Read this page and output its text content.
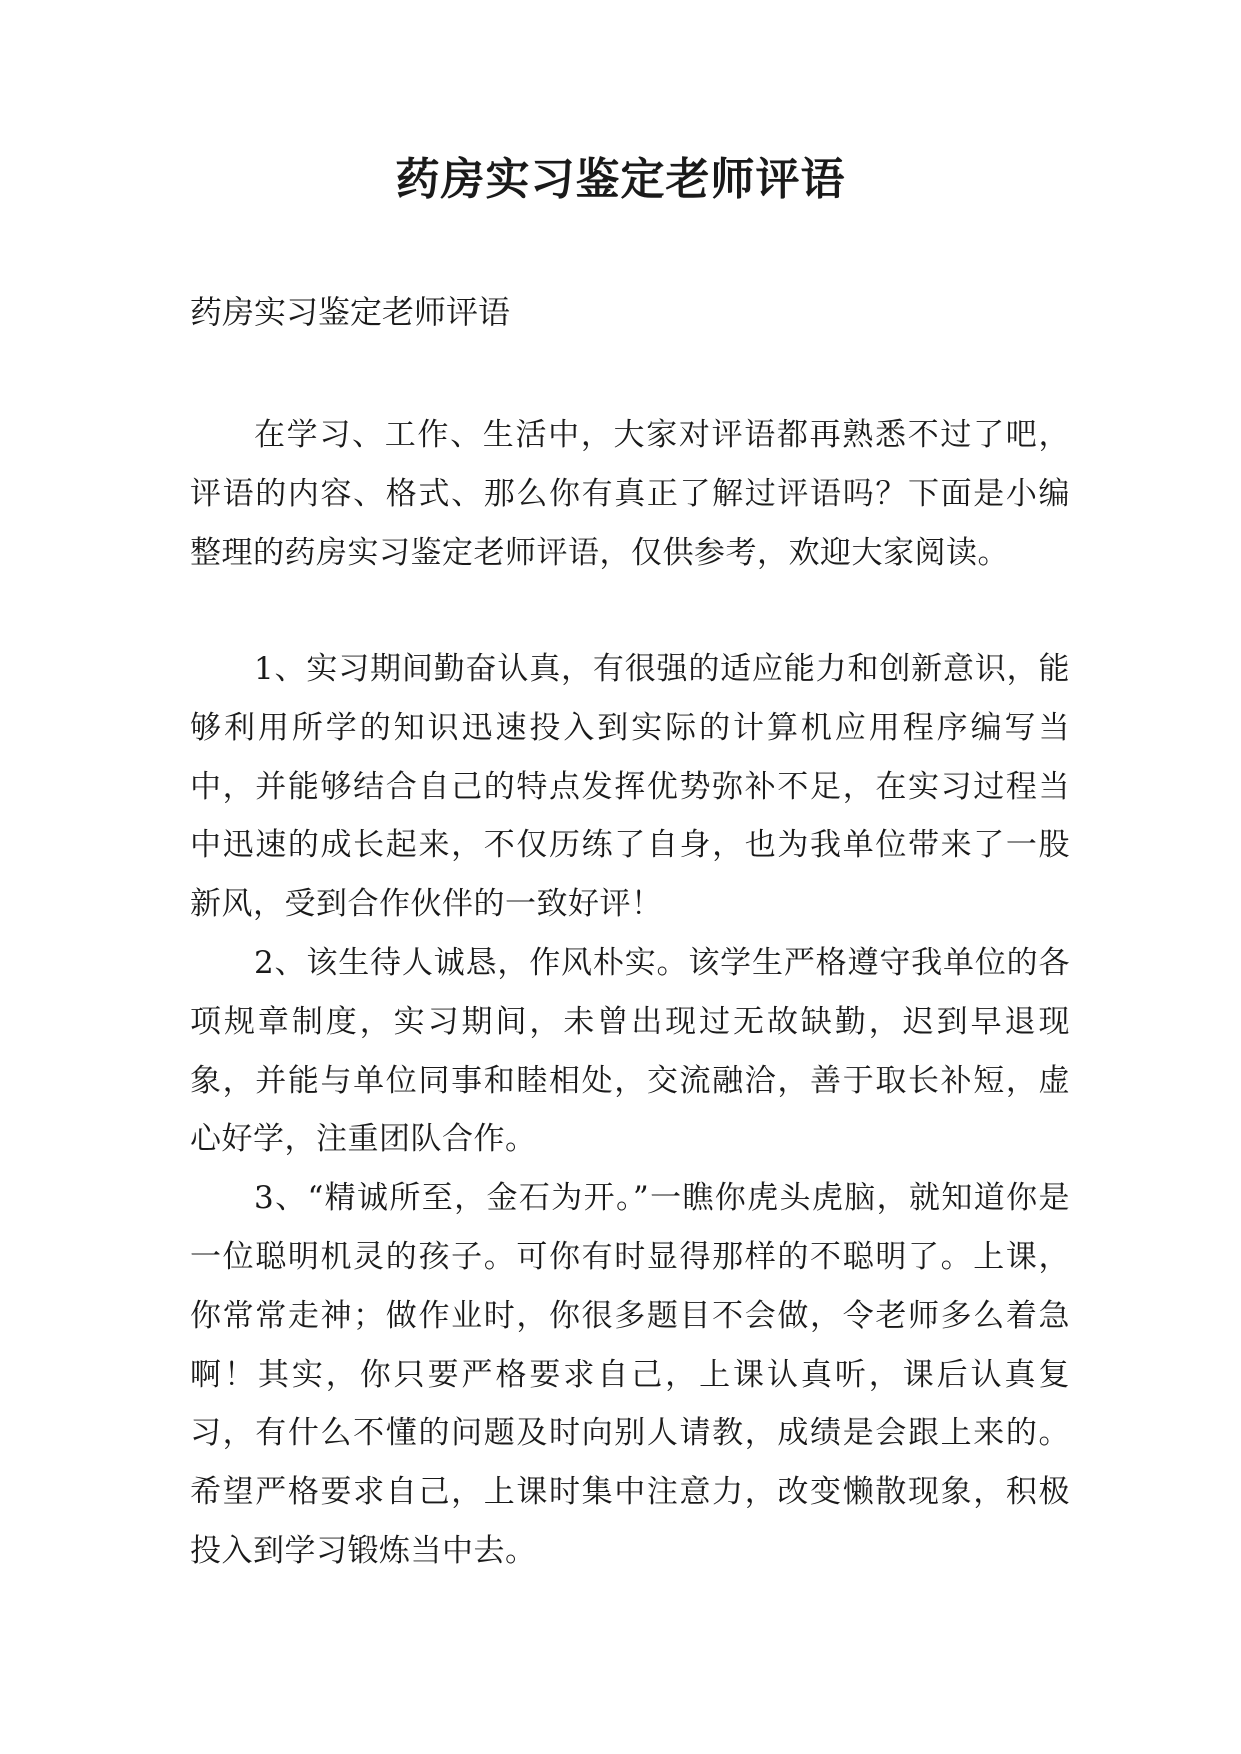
药房实习鉴定老师评语

药房实习鉴定老师评语

在学习、工作、生活中，大家对评语都再熟悉不过了吧，评语的内容、格式、那么你有真正了解过评语吗？下面是小编整理的药房实习鉴定老师评语，仅供参考，欢迎大家阅读。

1、实习期间勤奋认真，有很强的适应能力和创新意识，能够利用所学的知识迅速投入到实际的计算机应用程序编写当中，并能够结合自己的特点发挥优势弥补不足，在实习过程当中迅速的成长起来，不仅历练了自身，也为我单位带来了一股新风，受到合作伙伴的一致好评！

2、该生待人诚恳，作风朴实。该学生严格遵守我单位的各项规章制度，实习期间，未曾出现过无故缺勤，迟到早退现象，并能与单位同事和睦相处，交流融洽，善于取长补短，虚心好学，注重团队合作。

3、“精诚所至，金石为开。”一瞧你虎头虎脑，就知道你是一位聪明机灵的孩子。可你有时显得那样的不聪明了。上课，你常常走神；做作业时，你很多题目不会做，令老师多么着急啊！其实，你只要严格要求自己，上课认真听，课后认真复习，有什么不懂的问题及时向别人请教，成绩是会跟上来的。希望严格要求自己，上课时集中注意力，改变懒散现象，积极投入到学习锻炼当中去。
